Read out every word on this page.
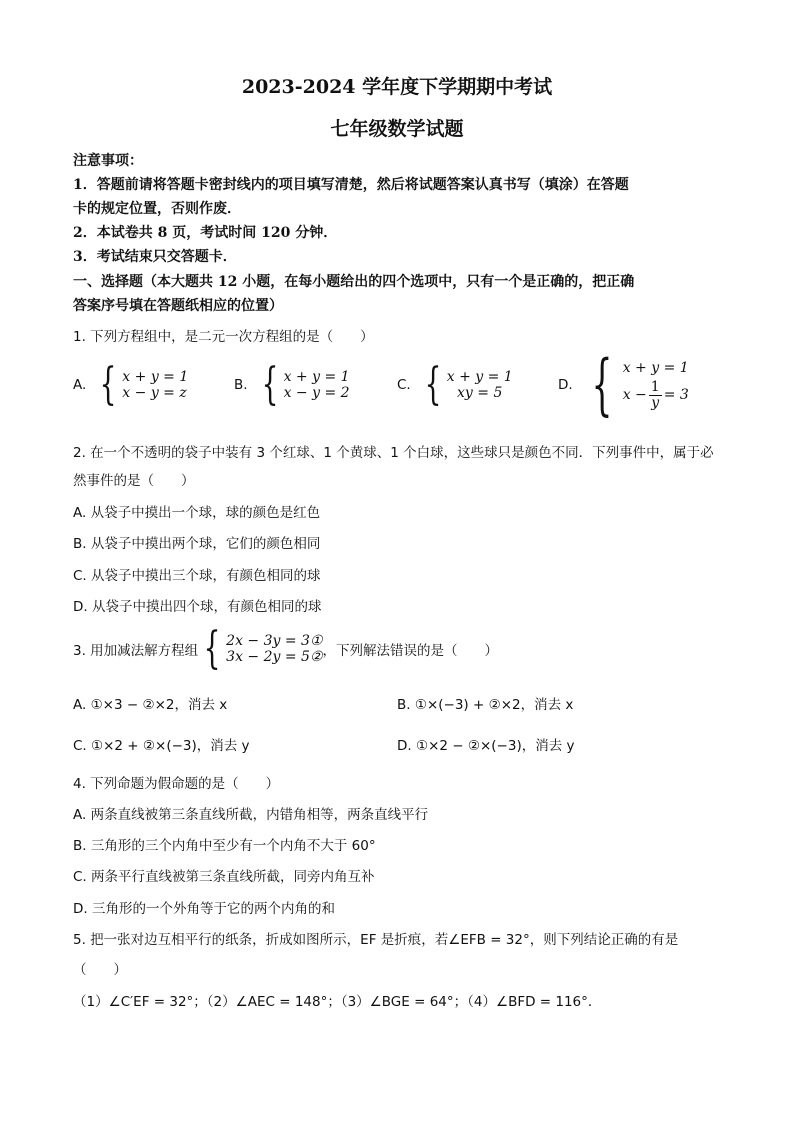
2023-2024 学年度下学期期中考试
七年级数学试题
注意事项：
1．答题前请将答题卡密封线内的项目填写清楚，然后将试题答案认真书写（填涂）在答题
卡的规定位置，否则作废．
2．本试卷共 8 页，考试时间 120 分钟．
3．考试结束只交答题卡．
一、选择题（本大题共 12 小题，在每小题给出的四个选项中，只有一个是正确的，把正确
答案序号填在答题纸相应的位置）
1. 下列方程组中，是二元一次方程组的是（　　）
A. { x + y = 1
x − y = z	B. { x + y = 1
x − y = 2	C. { x + y = 1
xy = 5	D. { x + y = 1
$x - \frac{1}{y} = 3$
2. 在一个不透明的袋子中装有 3 个红球、1 个黄球、1 个白球，这些球只是颜色不同．下列事件中，属于必
然事件的是（　　）
A. 从袋子中摸出一个球，球的颜色是红色
B. 从袋子中摸出两个球，它们的颜色相同
C. 从袋子中摸出三个球，有颜色相同的球
D. 从袋子中摸出四个球，有颜色相同的球
3. 用加减法解方程组 { 2x − 3y = 3①
3x − 2y = 5② ，下列解法错误的是（　　）
A. ①×3 − ②×2，消去 x	B. ①×(−3) + ②×2，消去 x
C. ①×2 + ②×(−3)，消去 y	D. ①×2 − ②×(−3)，消去 y
4. 下列命题为假命题的是（　　）
A. 两条直线被第三条直线所截，内错角相等，两条直线平行
B. 三角形的三个内角中至少有一个内角不大于 60°
C. 两条平行直线被第三条直线所截，同旁内角互补
D. 三角形的一个外角等于它的两个内角的和
5. 把一张对边互相平行的纸条，折成如图所示，EF 是折痕，若∠EFB = 32°，则下列结论正确的有是
（　　）
（1）∠C′EF = 32°；（2）∠AEC = 148°；（3）∠BGE = 64°；（4）∠BFD = 116°．
